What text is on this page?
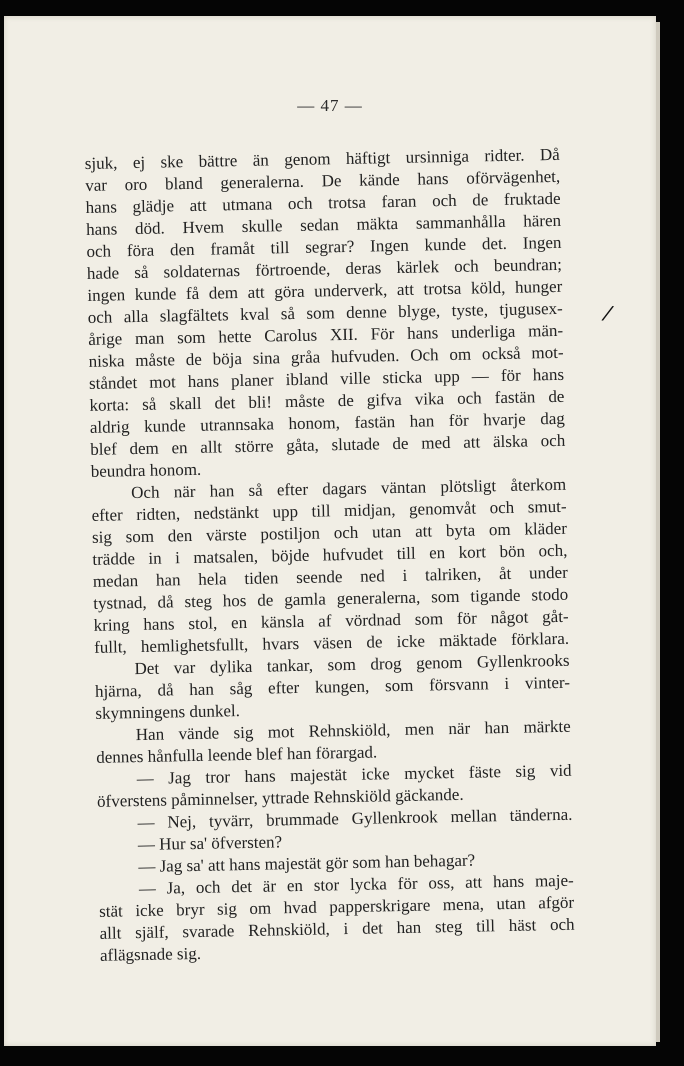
— 47 —
sjuk, ej ske bättre än genom häftigt ursinniga ridter. Då
var oro bland generalerna. De kände hans oförvägenhet,
hans glädje att utmana och trotsa faran och de fruktade
hans död. Hvem skulle sedan mäkta sammanhålla hären
och föra den framåt till segrar? Ingen kunde det. Ingen
hade så soldaternas förtroende, deras kärlek och beundran;
ingen kunde få dem att göra underverk, att trotsa köld, hunger
och alla slagfältets kval så som denne blyge, tyste, tjugusex-
årige man som hette Carolus XII. För hans underliga män-
niska måste de böja sina gråa hufvuden. Och om också mot-
ståndet mot hans planer ibland ville sticka upp — för hans
korta: så skall det bli! måste de gifva vika och fastän de
aldrig kunde utrannsaka honom, fastän han för hvarje dag
blef dem en allt större gåta, slutade de med att älska och
beundra honom.
Och när han så efter dagars väntan plötsligt återkom
efter ridten, nedstänkt upp till midjan, genomvåt och smut-
sig som den värste postiljon och utan att byta om kläder
trädde in i matsalen, böjde hufvudet till en kort bön och,
medan han hela tiden seende ned i talriken, åt under
tystnad, då steg hos de gamla generalerna, som tigande stodo
kring hans stol, en känsla af vördnad som för något gåt-
fullt, hemlighetsfullt, hvars väsen de icke mäktade förklara.
Det var dylika tankar, som drog genom Gyllenkrooks
hjärna, då han såg efter kungen, som försvann i vinter-
skymningens dunkel.
Han vände sig mot Rehnskiöld, men när han märkte
dennes hånfulla leende blef han förargad.
— Jag tror hans majestät icke mycket fäste sig vid
öfverstens påminnelser, yttrade Rehnskiöld gäckande.
— Nej, tyvärr, brummade Gyllenkrook mellan tänderna.
— Hur sa' öfversten?
— Jag sa' att hans majestät gör som han behagar?
— Ja, och det är en stor lycka för oss, att hans maje-
stät icke bryr sig om hvad papperskrigare mena, utan afgör
allt själf, svarade Rehnskiöld, i det han steg till häst och
aflägsnade sig.
/
